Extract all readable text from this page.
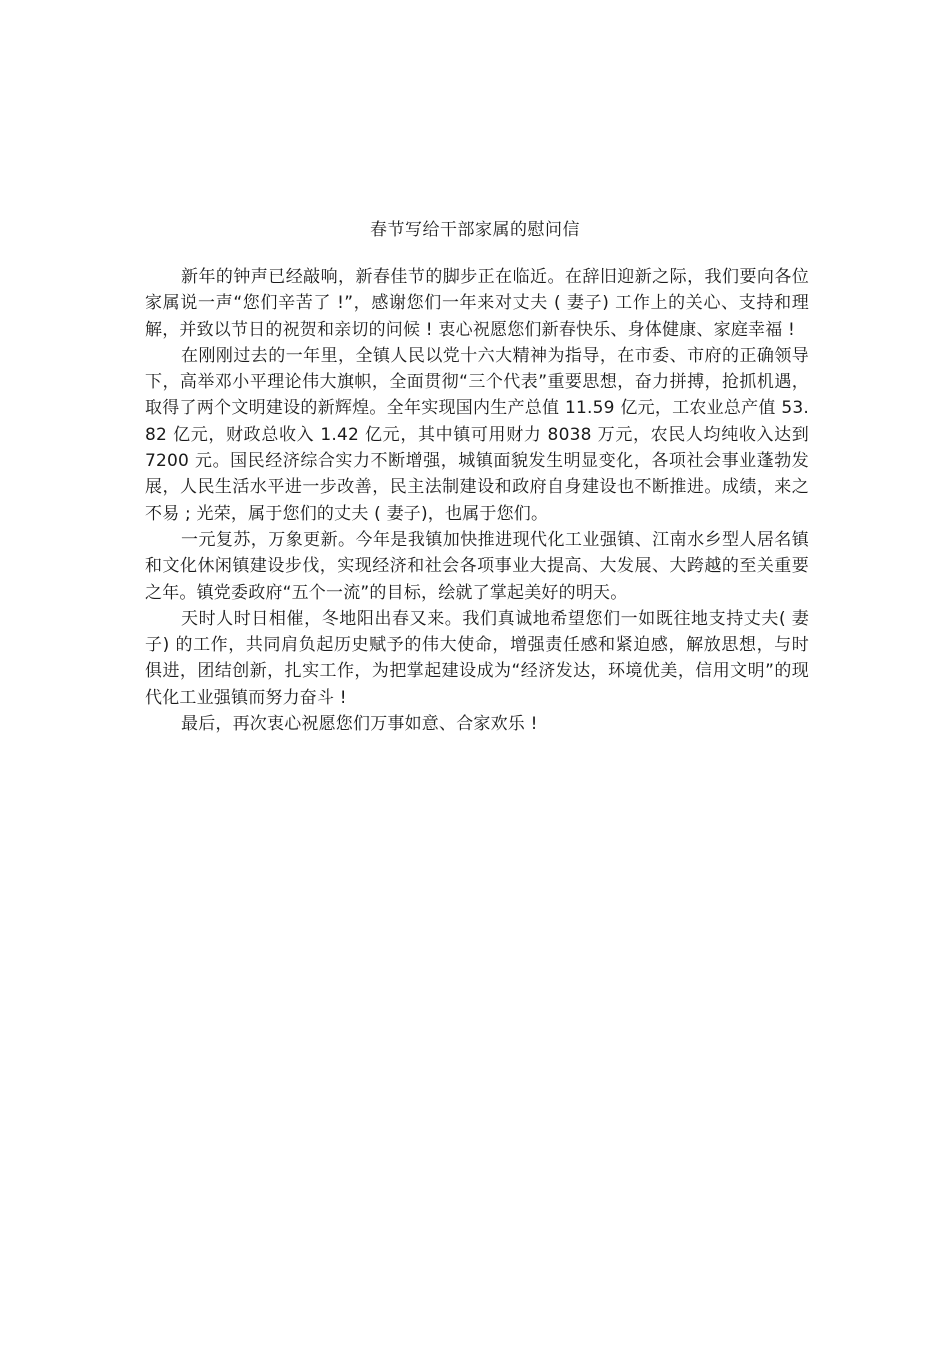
春节写给干部家属的慰问信

新年的钟声已经敲响，新春佳节的脚步正在临近。在辞旧迎新之际，我们要向各位家属说一声“您们辛苦了 !”，感谢您们一年来对丈夫 ( 妻子) 工作上的关心、支持和理解，并致以节日的祝贺和亲切的问候 ! 衷心祝愿您们新春快乐、身体健康、家庭幸福 !

在刚刚过去的一年里，全镇人民以党十六大精神为指导，在市委、市府的正确领导下，高举邓小平理论伟大旗帜，全面贯彻“三个代表”重要思想，奋力拼搏，抢抓机遇，取得了两个文明建设的新辉煌。全年实现国内生产总值 11.59 亿元，工农业总产值 53.82 亿元，财政总收入 1.42 亿元，其中镇可用财力 8038 万元，农民人均纯收入达到 7200 元。国民经济综合实力不断增强，城镇面貌发生明显变化，各项社会事业蓬勃发展，人民生活水平进一步改善，民主法制建设和政府自身建设也不断推进。成绩，来之不易 ; 光荣，属于您们的丈夫 ( 妻子)，也属于您们。

一元复苏，万象更新。今年是我镇加快推进现代化工业强镇、江南水乡型人居名镇和文化休闲镇建设步伐，实现经济和社会各项事业大提高、大发展、大跨越的至关重要之年。镇党委政府“五个一流”的目标，绘就了掌起美好的明天。

天时人时日相催，冬地阳出春又来。我们真诚地希望您们一如既往地支持丈夫( 妻子) 的工作，共同肩负起历史赋予的伟大使命，增强责任感和紧迫感，解放思想，与时俱进，团结创新，扎实工作，为把掌起建设成为“经济发达，环境优美，信用文明”的现代化工业强镇而努力奋斗 !

最后，再次衷心祝愿您们万事如意、合家欢乐 !
